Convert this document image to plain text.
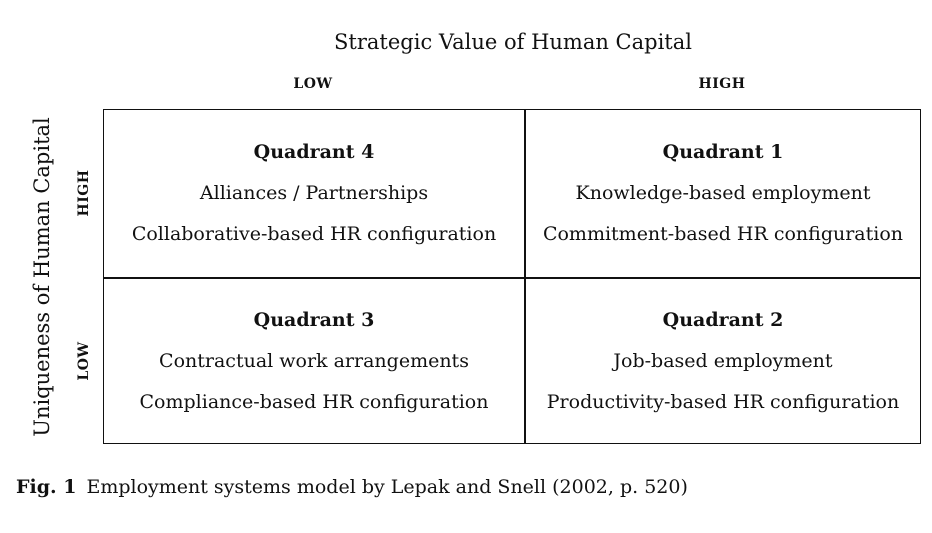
Strategic Value of Human Capital
LOW	HIGH
Uniqueness of Human Capital HIGH
LOW
Quadrant 4
Alliances / Partnerships
Collaborative-based HR configuration
Quadrant 1
Knowledge-based employment
Commitment-based HR configuration
Quadrant 3
Contractual work arrangements
Compliance-based HR configuration
Quadrant 2
Job-based employment
Productivity-based HR configuration
Fig. 1 Employment systems model by Lepak and Snell (2002, p. 520)
